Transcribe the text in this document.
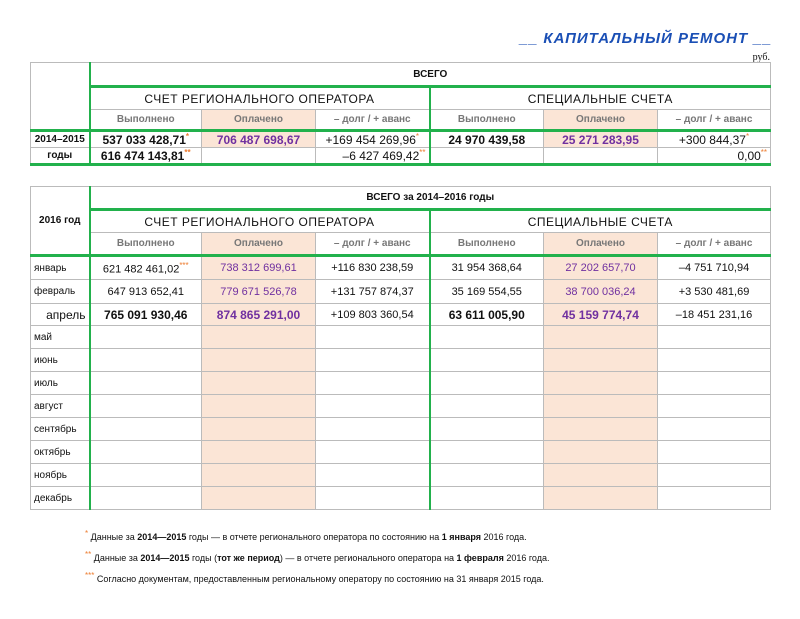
__ КАПИТАЛЬНЫЙ РЕМОНТ __
руб.
	ВСЕГО					
	СЧЕТ РЕГИОНАЛЬНОГО ОПЕРАТОРА			СПЕЦИАЛЬНЫЕ СЧЕТА		
	Выполнено	Оплачено	– долг / + аванс	Выполнено	Оплачено	– долг / + аванс
2014–2015	537 033 428,71*	706 487 698,67	+169 454 269,96*	24 970 439,58	25 271 283,95	+300 844,37*
годы	616 474 143,81**		–6 427 469,42**			0,00**
2016 год	ВСЕГО за 2014–2016 годы					
	СЧЕТ РЕГИОНАЛЬНОГО ОПЕРАТОРА			СПЕЦИАЛЬНЫЕ СЧЕТА		
	Выполнено	Оплачено	– долг / + аванс	Выполнено	Оплачено	– долг / + аванс
январь	621 482 461,02***	738 312 699,61	+116 830 238,59	31 954 368,64	27 202 657,70	–4 751 710,94
февраль	647 913 652,41	779 671 526,78	+131 757 874,37	35 169 554,55	38 700 036,24	+3 530 481,69
апрель	765 091 930,46	874 865 291,00	+109 803 360,54	63 611 005,90	45 159 774,74	–18 451 231,16
май						
июнь						
июль						
август						
сентябрь						
октябрь						
ноябрь						
декабрь						
* Данные за 2014—2015 годы — в отчете регионального оператора по состоянию на 1 января 2016 года.
** Данные за 2014—2015 годы (тот же период) — в отчете регионального оператора на 1 февраля 2016 года.
*** Согласно документам, предоставленным региональному оператору по состоянию на 31 января 2015 года.
